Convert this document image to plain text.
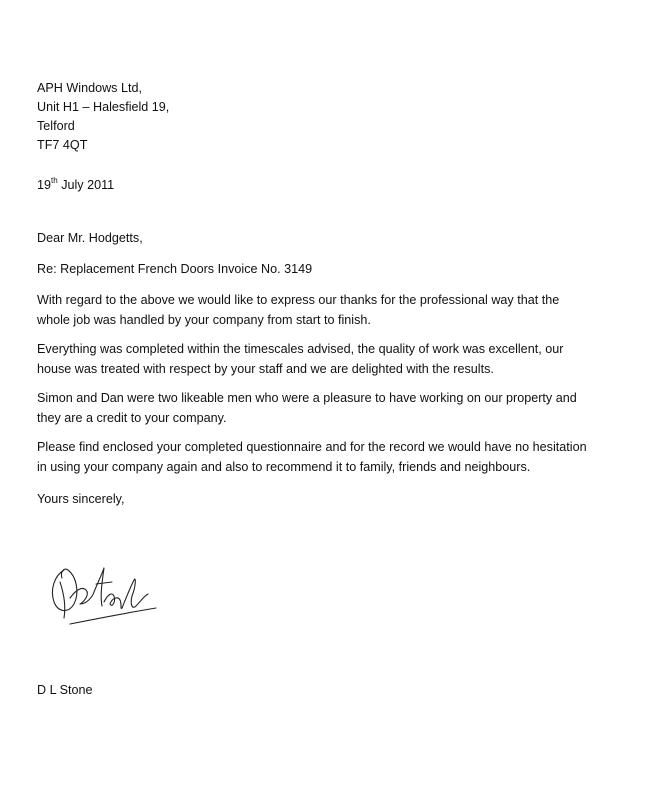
APH Windows Ltd,
Unit H1 – Halesfield 19,
Telford
TF7 4QT
19th July 2011
Dear Mr. Hodgetts,
Re: Replacement French Doors Invoice No. 3149
With regard to the above we would like to express our thanks for the professional way that the
whole job was handled by your company from start to finish.
Everything was completed within the timescales advised, the quality of work was excellent, our
house was treated with respect by your staff and we are delighted with the results.
Simon and Dan were two likeable men who were a pleasure to have working on our property and
they are a credit to your company.
Please find enclosed your completed questionnaire and for the record we would have no hesitation
in using your company again and also to recommend it to family, friends and neighbours.
Yours sincerely,
D L Stone
